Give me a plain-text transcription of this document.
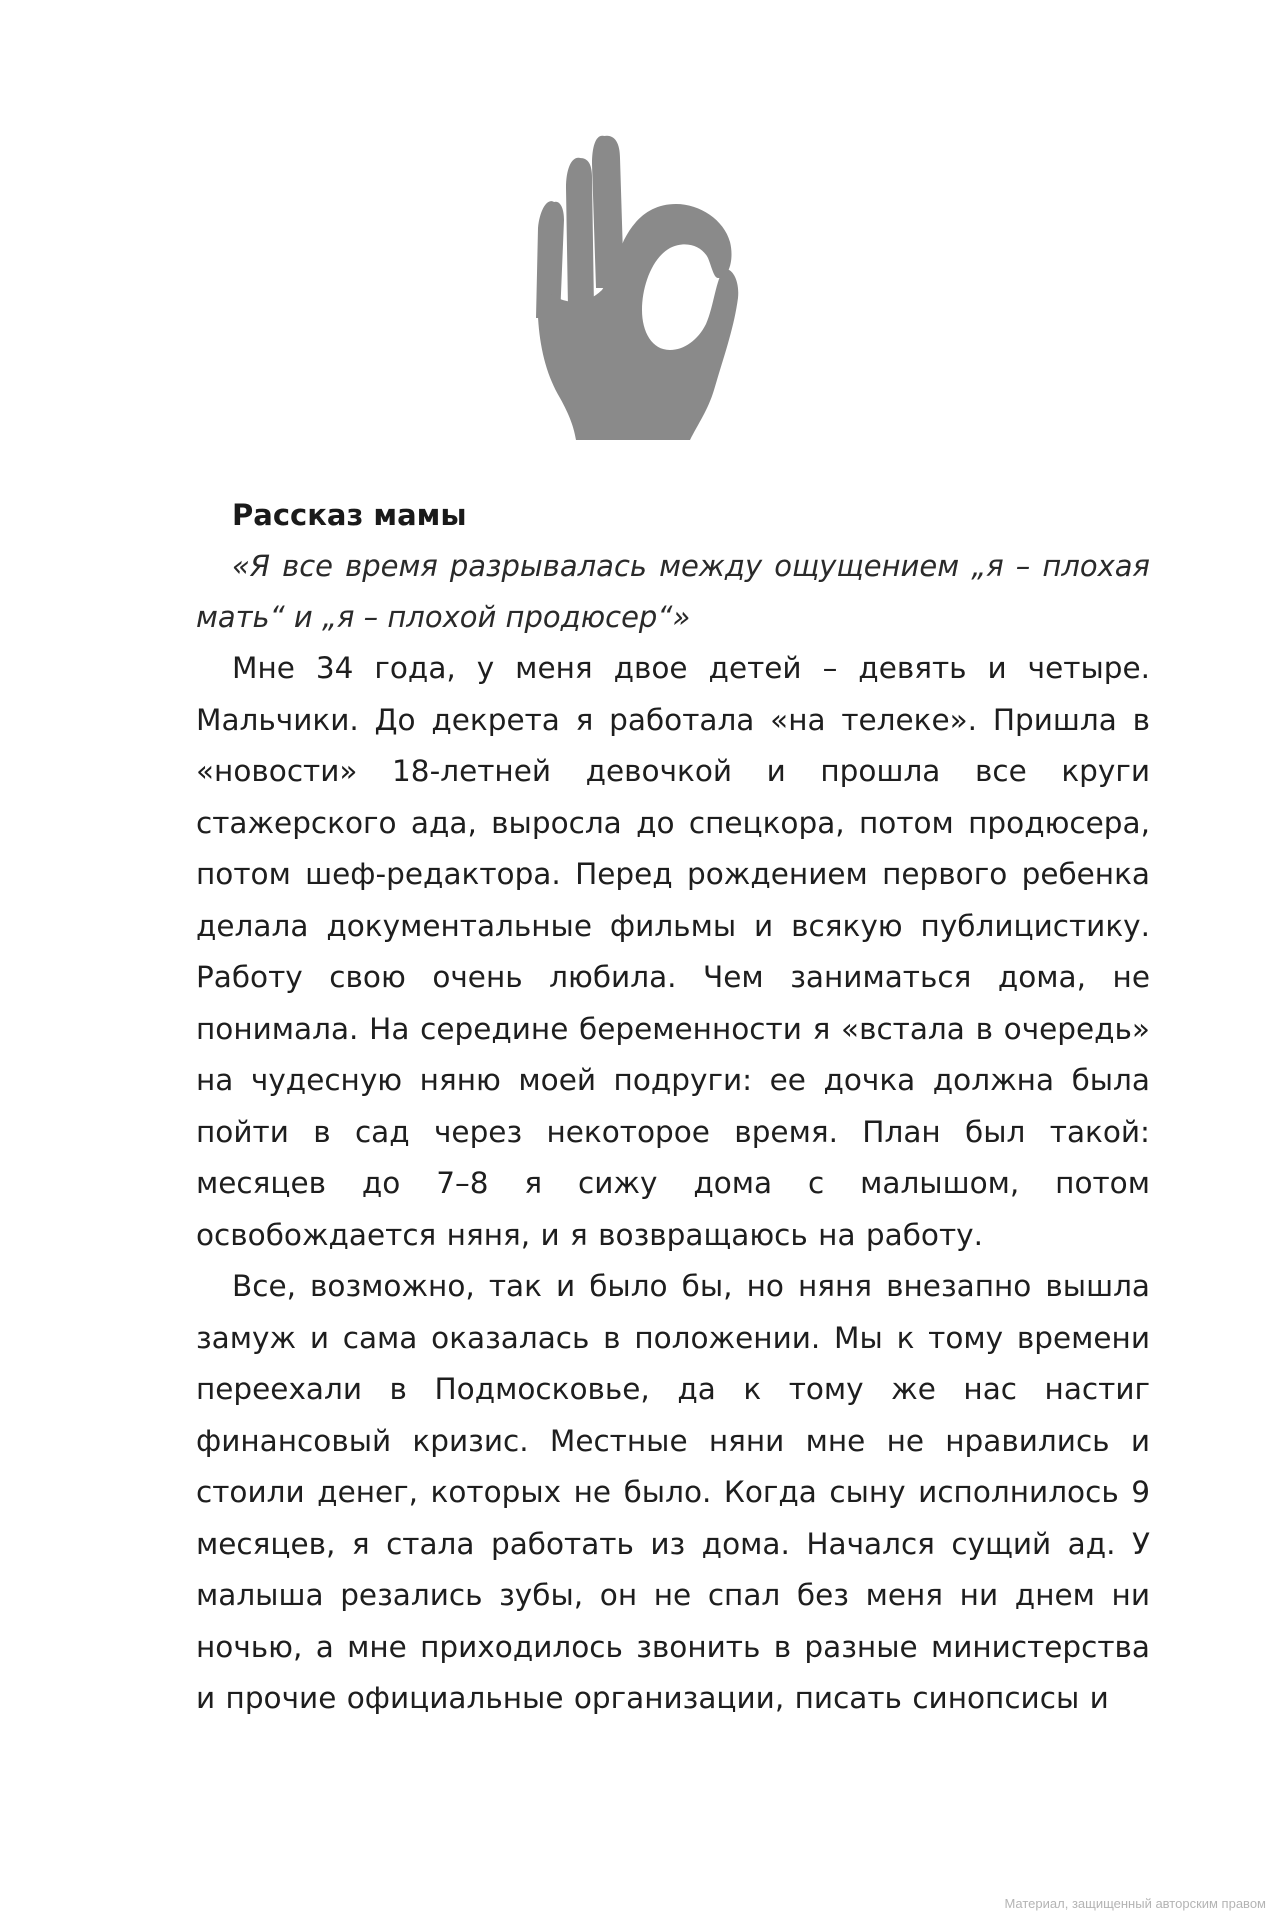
Рассказ мамы

«Я все время разрывалась между ощущением „я – плохая мать“ и „я – плохой продюсер“»

Мне 34 года, у меня двое детей – девять и четыре. Мальчики. До декрета я работала «на телеке». Пришла в «новости» 18-летней девочкой и прошла все круги стажерского ада, выросла до спецкора, потом продюсера, потом шеф-редактора. Перед рождением первого ребенка делала документальные фильмы и всякую публицистику. Работу свою очень любила. Чем заниматься дома, не понимала. На середине беременности я «встала в очередь» на чудесную няню моей подруги: ее дочка должна была пойти в сад через некоторое время. План был такой: месяцев до 7–8 я сижу дома с малышом, потом освобождается няня, и я возвращаюсь на работу.

Все, возможно, так и было бы, но няня внезапно вышла замуж и сама оказалась в положении. Мы к тому времени переехали в Подмосковье, да к тому же нас настиг финансовый кризис. Местные няни мне не нравились и стоили денег, которых не было. Когда сыну исполнилось 9 месяцев, я стала работать из дома. Начался сущий ад. У малыша резались зубы, он не спал без меня ни днем ни ночью, а мне приходилось звонить в разные министерства и прочие официальные организации, писать синопсисы и

Материал, защищенный авторским правом
